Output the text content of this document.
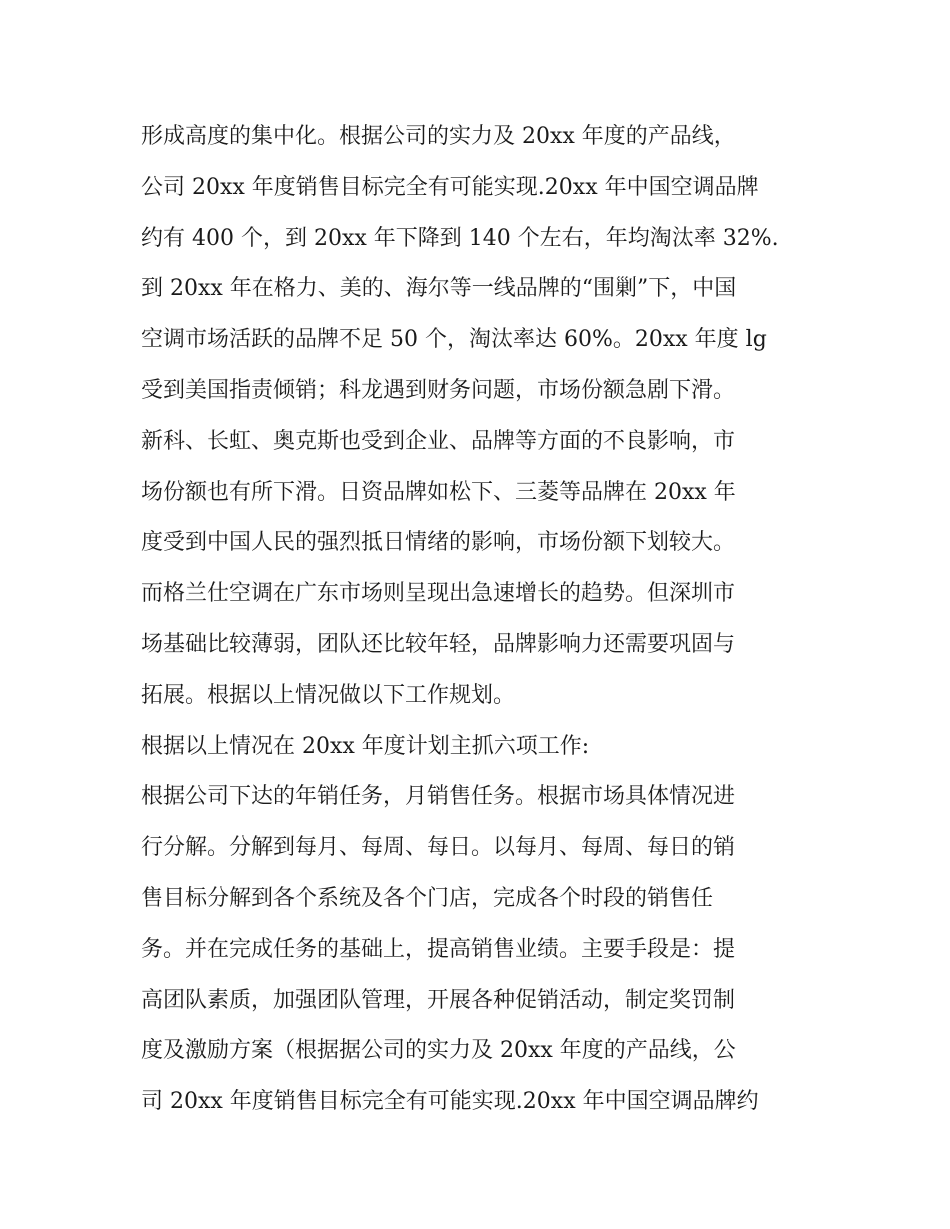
形成高度的集中化。根据公司的实力及 20xx 年度的产品线，
公司 20xx 年度销售目标完全有可能实现.20xx 年中国空调品牌
约有 400 个，到 20xx 年下降到 140 个左右，年均淘汰率 32%.
到 20xx 年在格力、美的、海尔等一线品牌的“围剿”下，中国
空调市场活跃的品牌不足 50 个，淘汰率达 60%。20xx 年度 lg
受到美国指责倾销；科龙遇到财务问题，市场份额急剧下滑。
新科、长虹、奥克斯也受到企业、品牌等方面的不良影响，市
场份额也有所下滑。日资品牌如松下、三菱等品牌在 20xx 年
度受到中国人民的强烈抵日情绪的影响，市场份额下划较大。
而格兰仕空调在广东市场则呈现出急速增长的趋势。但深圳市
场基础比较薄弱，团队还比较年轻，品牌影响力还需要巩固与
拓展。根据以上情况做以下工作规划。
根据以上情况在 20xx 年度计划主抓六项工作:
根据公司下达的年销任务，月销售任务。根据市场具体情况进
行分解。分解到每月、每周、每日。以每月、每周、每日的销
售目标分解到各个系统及各个门店，完成各个时段的销售任
务。并在完成任务的基础上，提高销售业绩。主要手段是：提
高团队素质，加强团队管理，开展各种促销活动，制定奖罚制
度及激励方案（根据据公司的实力及 20xx 年度的产品线，公
司 20xx 年度销售目标完全有可能实现.20xx 年中国空调品牌约
